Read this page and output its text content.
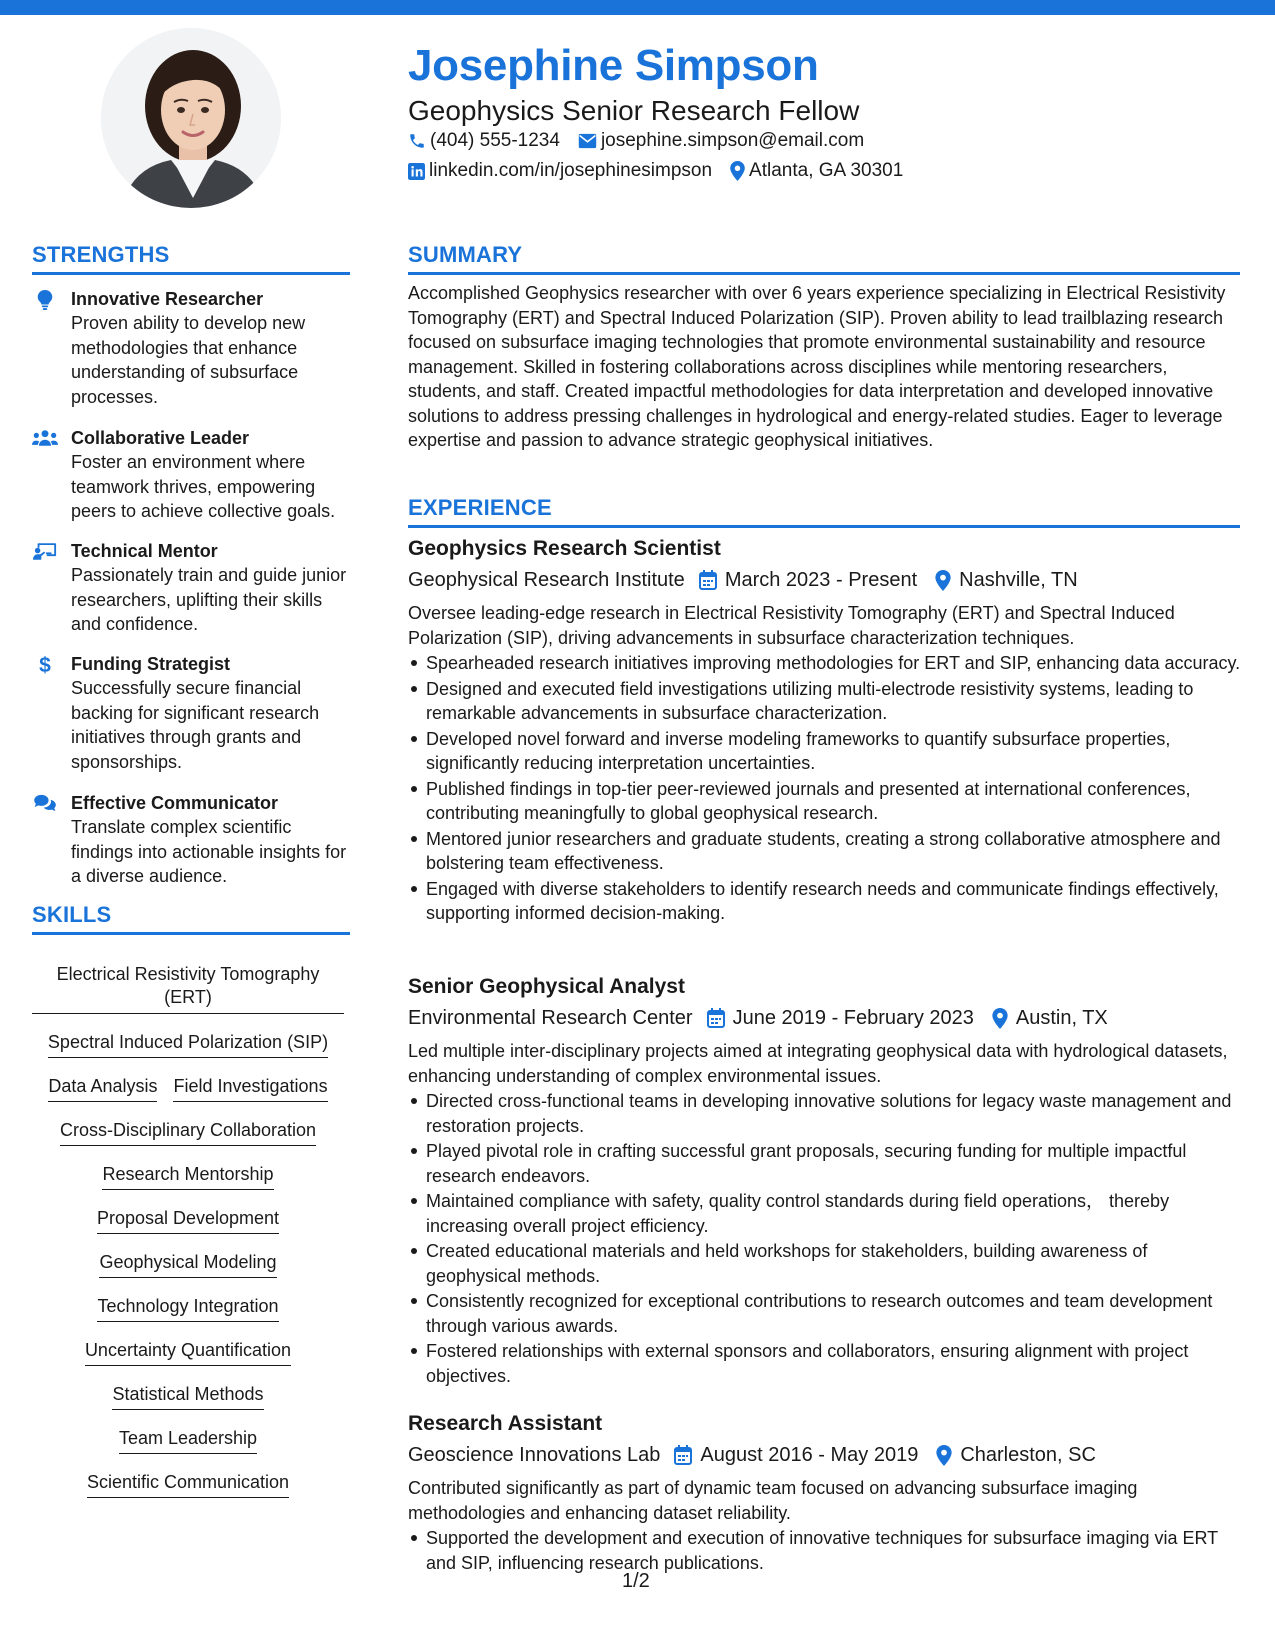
Josephine Simpson
Geophysics Senior Research Fellow
(404) 555-1234 josephine.simpson@email.com
linkedin.com/in/josephinesimpson Atlanta, GA 30301
STRENGTHS
Innovative Researcher
Proven ability to develop new methodologies that enhance understanding of subsurface processes.
Collaborative Leader
Foster an environment where teamwork thrives, empowering peers to achieve collective goals.
Technical Mentor
Passionately train and guide junior researchers, uplifting their skills and confidence.
$ Funding Strategist
Successfully secure financial backing for significant research initiatives through grants and sponsorships.
Effective Communicator
Translate complex scientific findings into actionable insights for a diverse audience.
SKILLS
Electrical Resistivity Tomography (ERT)
Spectral Induced Polarization (SIP)
Data Analysis Field Investigations
Cross-Disciplinary Collaboration
Research Mentorship
Proposal Development
Geophysical Modeling
Technology Integration
Uncertainty Quantification
Statistical Methods
Team Leadership
Scientific Communication
SUMMARY
Accomplished Geophysics researcher with over 6 years experience specializing in Electrical Resistivity Tomography (ERT) and Spectral Induced Polarization (SIP). Proven ability to lead trailblazing research focused on subsurface imaging technologies that promote environmental sustainability and resource management. Skilled in fostering collaborations across disciplines while mentoring researchers, students, and staff. Created impactful methodologies for data interpretation and developed innovative solutions to address pressing challenges in hydrological and energy-related studies. Eager to leverage expertise and passion to advance strategic geophysical initiatives.
EXPERIENCE
Geophysics Research Scientist
Geophysical Research Institute March 2023 - Present Nashville, TN
Oversee leading-edge research in Electrical Resistivity Tomography (ERT) and Spectral Induced Polarization (SIP), driving advancements in subsurface characterization techniques.
Spearheaded research initiatives improving methodologies for ERT and SIP, enhancing data accuracy.
Designed and executed field investigations utilizing multi-electrode resistivity systems, leading to remarkable advancements in subsurface characterization.
Developed novel forward and inverse modeling frameworks to quantify subsurface properties, significantly reducing interpretation uncertainties.
Published findings in top-tier peer-reviewed journals and presented at international conferences, contributing meaningfully to global geophysical research.
Mentored junior researchers and graduate students, creating a strong collaborative atmosphere and bolstering team effectiveness.
Engaged with diverse stakeholders to identify research needs and communicate findings effectively, supporting informed decision-making.
Senior Geophysical Analyst
Environmental Research Center June 2019 - February 2023 Austin, TX
Led multiple inter-disciplinary projects aimed at integrating geophysical data with hydrological datasets, enhancing understanding of complex environmental issues.
Directed cross-functional teams in developing innovative solutions for legacy waste management and restoration projects.
Played pivotal role in crafting successful grant proposals, securing funding for multiple impactful research endeavors.
Maintained compliance with safety, quality control standards during field operations， thereby increasing overall project efficiency.
Created educational materials and held workshops for stakeholders, building awareness of geophysical methods.
Consistently recognized for exceptional contributions to research outcomes and team development through various awards.
Fostered relationships with external sponsors and collaborators, ensuring alignment with project objectives.
Research Assistant
Geoscience Innovations Lab August 2016 - May 2019 Charleston, SC
Contributed significantly as part of dynamic team focused on advancing subsurface imaging methodologies and enhancing dataset reliability.
Supported the development and execution of innovative techniques for subsurface imaging via ERT and SIP, influencing research publications.
1/2
